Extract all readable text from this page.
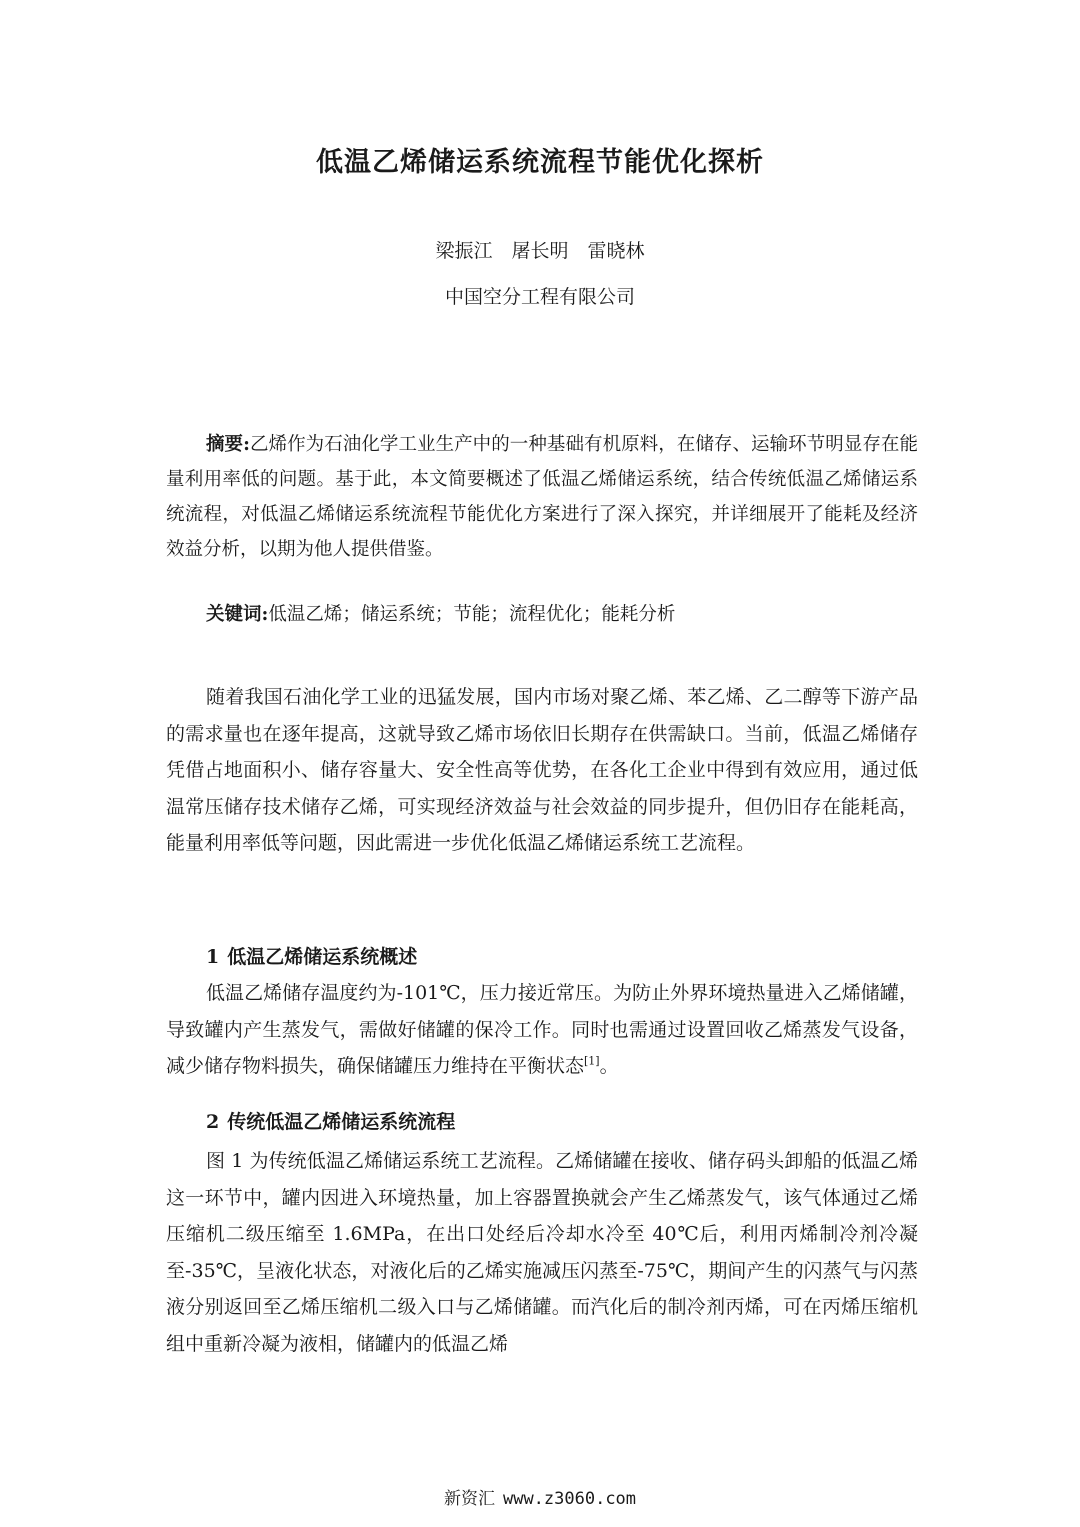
低温乙烯储运系统流程节能优化探析
梁振江　屠长明　雷晓林
中国空分工程有限公司

摘要:乙烯作为石油化学工业生产中的一种基础有机原料，在储存、运输环节明显存在能量利用率低的问题。基于此，本文简要概述了低温乙烯储运系统，结合传统低温乙烯储运系统流程，对低温乙烯储运系统流程节能优化方案进行了深入探究，并详细展开了能耗及经济效益分析，以期为他人提供借鉴。

关键词:低温乙烯；储运系统；节能；流程优化；能耗分析

随着我国石油化学工业的迅猛发展，国内市场对聚乙烯、苯乙烯、乙二醇等下游产品的需求量也在逐年提高，这就导致乙烯市场依旧长期存在供需缺口。当前，低温乙烯储存凭借占地面积小、储存容量大、安全性高等优势，在各化工企业中得到有效应用，通过低温常压储存技术储存乙烯，可实现经济效益与社会效益的同步提升，但仍旧存在能耗高，能量利用率低等问题，因此需进一步优化低温乙烯储运系统工艺流程。

1 低温乙烯储运系统概述

低温乙烯储存温度约为-101℃，压力接近常压。为防止外界环境热量进入乙烯储罐，导致罐内产生蒸发气，需做好储罐的保冷工作。同时也需通过设置回收乙烯蒸发气设备，减少储存物料损失，确保储罐压力维持在平衡状态[1]。

2 传统低温乙烯储运系统流程

图 1 为传统低温乙烯储运系统工艺流程。乙烯储罐在接收、储存码头卸船的低温乙烯这一环节中，罐内因进入环境热量，加上容器置换就会产生乙烯蒸发气，该气体通过乙烯压缩机二级压缩至 1.6MPa，在出口处经后冷却水冷至 40℃后，利用丙烯制冷剂冷凝至-35℃，呈液化状态，对液化后的乙烯实施减压闪蒸至-75℃，期间产生的闪蒸气与闪蒸液分别返回至乙烯压缩机二级入口与乙烯储罐。而汽化后的制冷剂丙烯，可在丙烯压缩机组中重新冷凝为液相，储罐内的低温乙烯

新资汇 www.z3060.com
